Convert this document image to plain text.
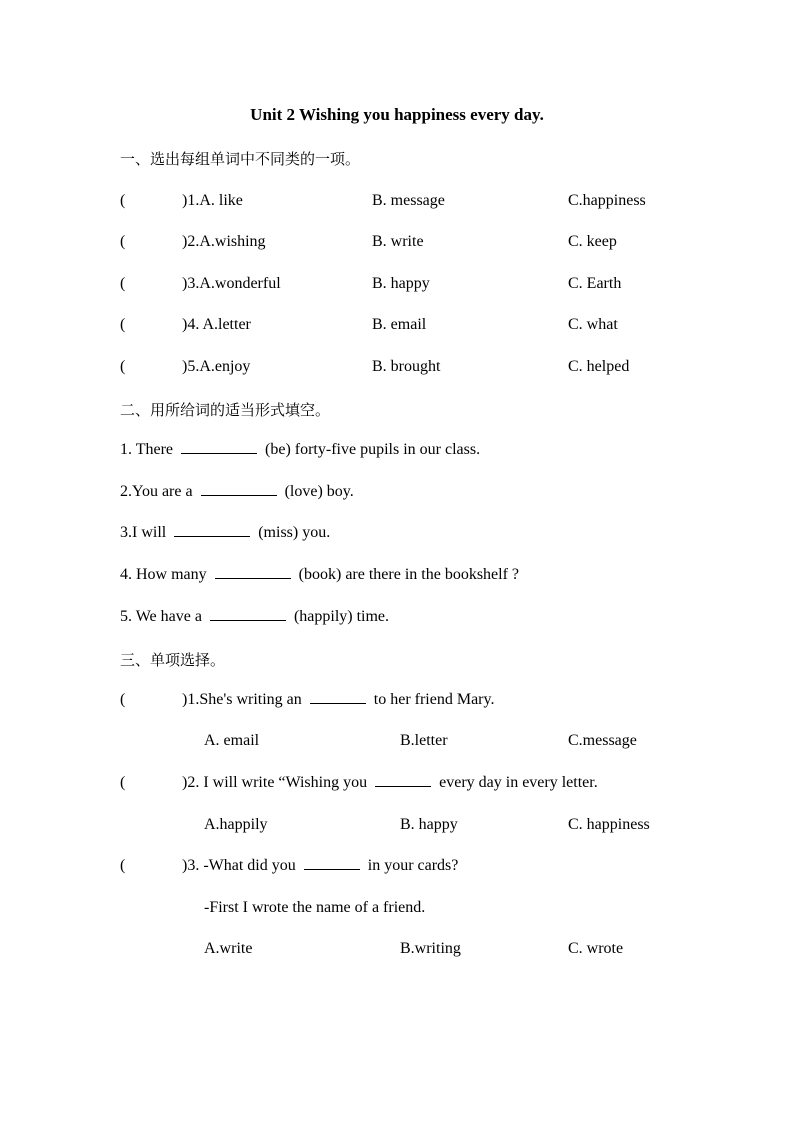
Unit 2 Wishing you happiness every day.
一、选出每组单词中不同类的一项。
(	)1.A. like	B. message	C.happiness
(	)2.A.wishing	B. write	C. keep
(	)3.A.wonderful	B. happy	C. Earth
(	)4. A.letter	B. email	C. what
(	)5.A.enjoy	B. brought	C. helped
二、用所给词的适当形式填空。
1. There	(be) forty-five pupils in our class.
2.You are a	(love) boy.
3.I will	(miss) you.
4. How many	(book) are there in the bookshelf ?
5. We have a	(happily) time.
三、单项选择。
(	)1.She's writing an	to her friend Mary.
A. email	B.letter	C.message
(	)2. I will write “Wishing you	every day in every letter.
A.happily	B. happy	C. happiness
(	)3. -What did you	in your cards?
-First I wrote the name of a friend.
A.write	B.writing	C. wrote
